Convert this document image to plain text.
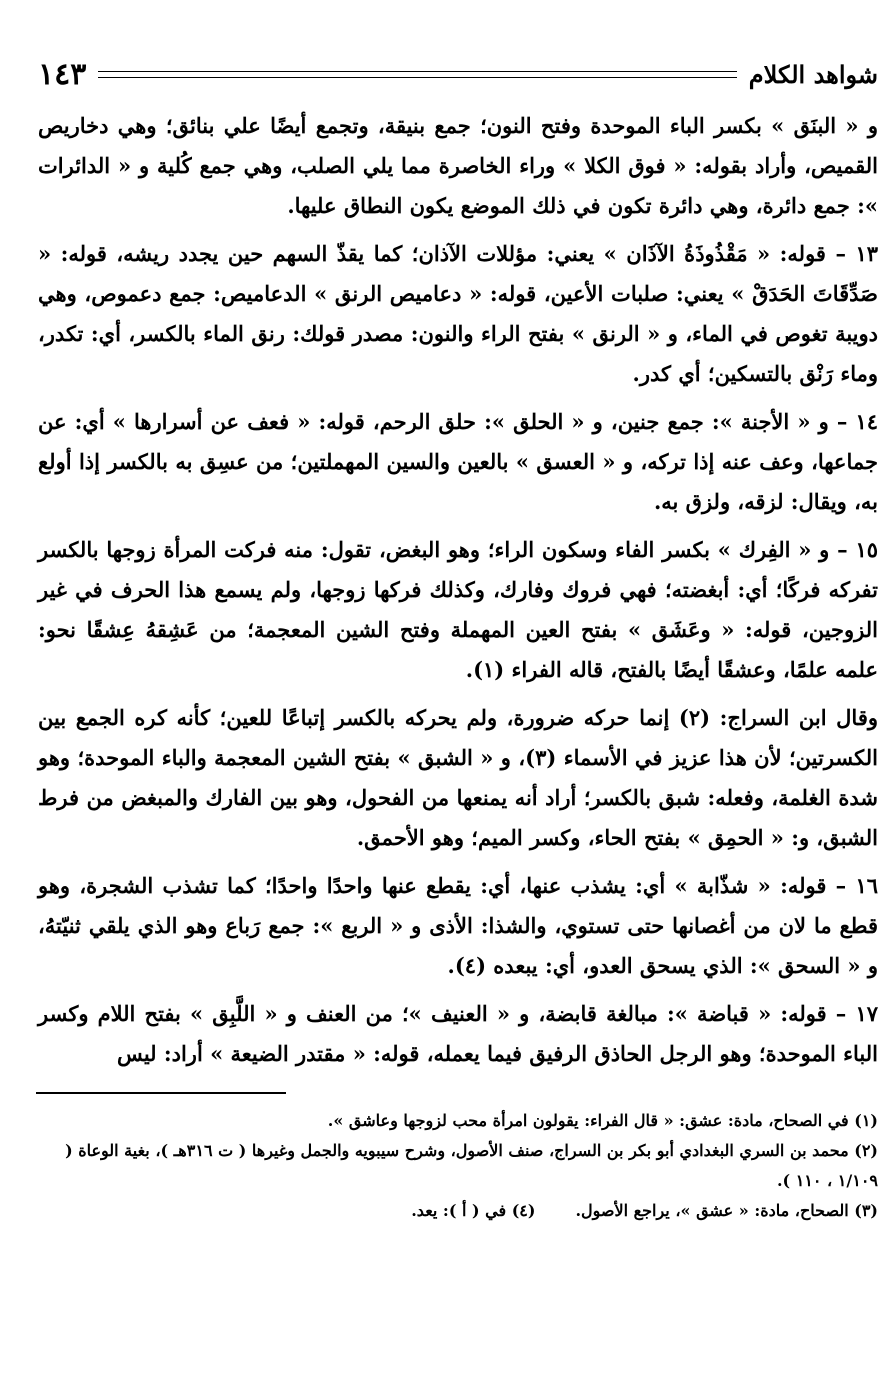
شواهد الكلام
١٤٣

و « البنَق » بكسر الباء الموحدة وفتح النون؛ جمع بنيقة، وتجمع أيضًا علي بنائق؛ وهي دخاريص القميص، وأراد بقوله: « فوق الكلا » وراء الخاصرة مما يلي الصلب، وهي جمع كُلية و « الدائرات »: جمع دائرة، وهي دائرة تكون في ذلك الموضع يكون النطاق عليها.

١٣ – قوله: « مَقْذُوذَةُ الآذَان » يعني: مؤللات الآذان؛ كما يقذّ السهم حين يجدد ريشه، قوله: « صَدِّقَاتَ الحَدَقْ » يعني: صلبات الأعين، قوله: « دعاميص الرنق » الدعاميص: جمع دعموص، وهي دويبة تغوص في الماء، و « الرنق » بفتح الراء والنون: مصدر قولك: رنق الماء بالكسر، أي: تكدر، وماء رَنْق بالتسكين؛ أي كدر.

١٤ – و « الأجنة »: جمع جنين، و « الحلق »: حلق الرحم، قوله: « فعف عن أسرارها » أي: عن جماعها، وعف عنه إذا تركه، و « العسق » بالعين والسين المهملتين؛ من عسِق به بالكسر إذا أولع به، ويقال: لزقه، ولزق به.

١٥ – و « الفِرك » بكسر الفاء وسكون الراء؛ وهو البغض، تقول: منه فركت المرأة زوجها بالكسر تفركه فركًا؛ أي: أبغضته؛ فهي فروك وفارك، وكذلك فركها زوجها، ولم يسمع هذا الحرف في غير الزوجين، قوله: « وعَشَق » بفتح العين المهملة وفتح الشين المعجمة؛ من عَشِقهُ عِشقًا نحو: علمه علمًا، وعشقًا أيضًا بالفتح، قاله الفراء (١).

وقال ابن السراج: (٢) إنما حركه ضرورة، ولم يحركه بالكسر إتباعًا للعين؛ كأنه كره الجمع بين الكسرتين؛ لأن هذا عزيز في الأسماء (٣)، و « الشبق » بفتح الشين المعجمة والباء الموحدة؛ وهو شدة الغلمة، وفعله: شبق بالكسر؛ أراد أنه يمنعها من الفحول، وهو بين الفارك والمبغض من فرط الشبق، و: « الحمِق » بفتح الحاء، وكسر الميم؛ وهو الأحمق.

١٦ – قوله: « شذّابة » أي: يشذب عنها، أي: يقطع عنها واحدًا واحدًا؛ كما تشذب الشجرة، وهو قطع ما لان من أغصانها حتى تستوي، والشذا: الأذى و « الربع »: جمع رَباع وهو الذي يلقي ثنيّتهُ، و « السحق »: الذي يسحق العدو، أي: يبعده (٤).

١٧ – قوله: « قباضة »: مبالغة قابضة، و « العنيف »؛ من العنف و « اللَّبِق » بفتح اللام وكسر الباء الموحدة؛ وهو الرجل الحاذق الرفيق فيما يعمله، قوله: « مقتدر الضيعة » أراد: ليس

(١) في الصحاح، مادة: عشق: « قال الفراء: يقولون امرأة محب لزوجها وعاشق ».

(٢) محمد بن السري البغدادي أبو بكر بن السراج، صنف الأصول، وشرح سيبويه والجمل وغيرها ( ت ٣١٦هـ )، بغية الوعاة ( ١/١٠٩ ، ١١٠ ).

(٣) الصحاح، مادة: « عشق »، يراجع الأصول.
(٤) في ( أ ): يعد.
